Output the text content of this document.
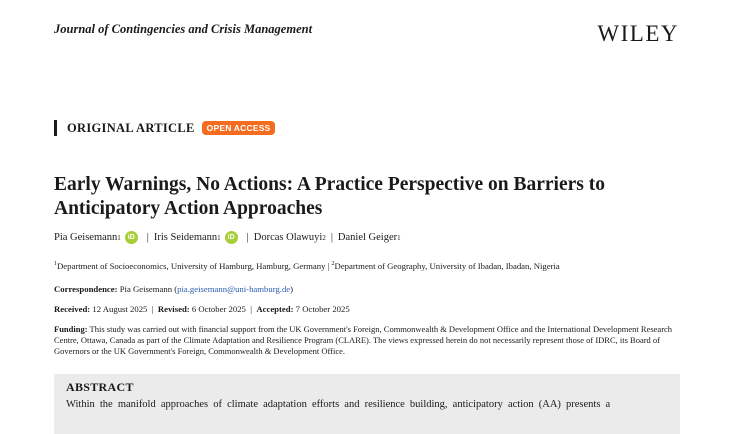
Journal of Contingencies and Crisis Management	WILEY
ORIGINAL ARTICLE	OPEN ACCESS
Early Warnings, No Actions: A Practice Perspective on Barriers to Anticipatory Action Approaches
Pia Geisemann 1	iD | Iris Seidemann 1	iD | Dorcas Olawuyi 2 | Daniel Geiger 1
$^1$Department of Socioeconomics, University of Hamburg, Hamburg, Germany | $^2$Department of Geography, University of Ibadan, Ibadan, Nigeria
Correspondence: Pia Geisemann (pia.geisemann@uni-hamburg.de)
Received: 12 August 2025  |  Revised: 6 October 2025  |  Accepted: 7 October 2025
Funding: This study was carried out with financial support from the UK Government's Foreign, Commonwealth & Development Office and the International Development Research Centre, Ottawa, Canada as part of the Climate Adaptation and Resilience Program (CLARE). The views expressed herein do not necessarily represent those of IDRC, its Board of Governors or the UK Government's Foreign, Commonwealth & Development Office.
ABSTRACT
Within the manifold approaches of climate adaptation efforts and resilience building, anticipatory action (AA) presents a
